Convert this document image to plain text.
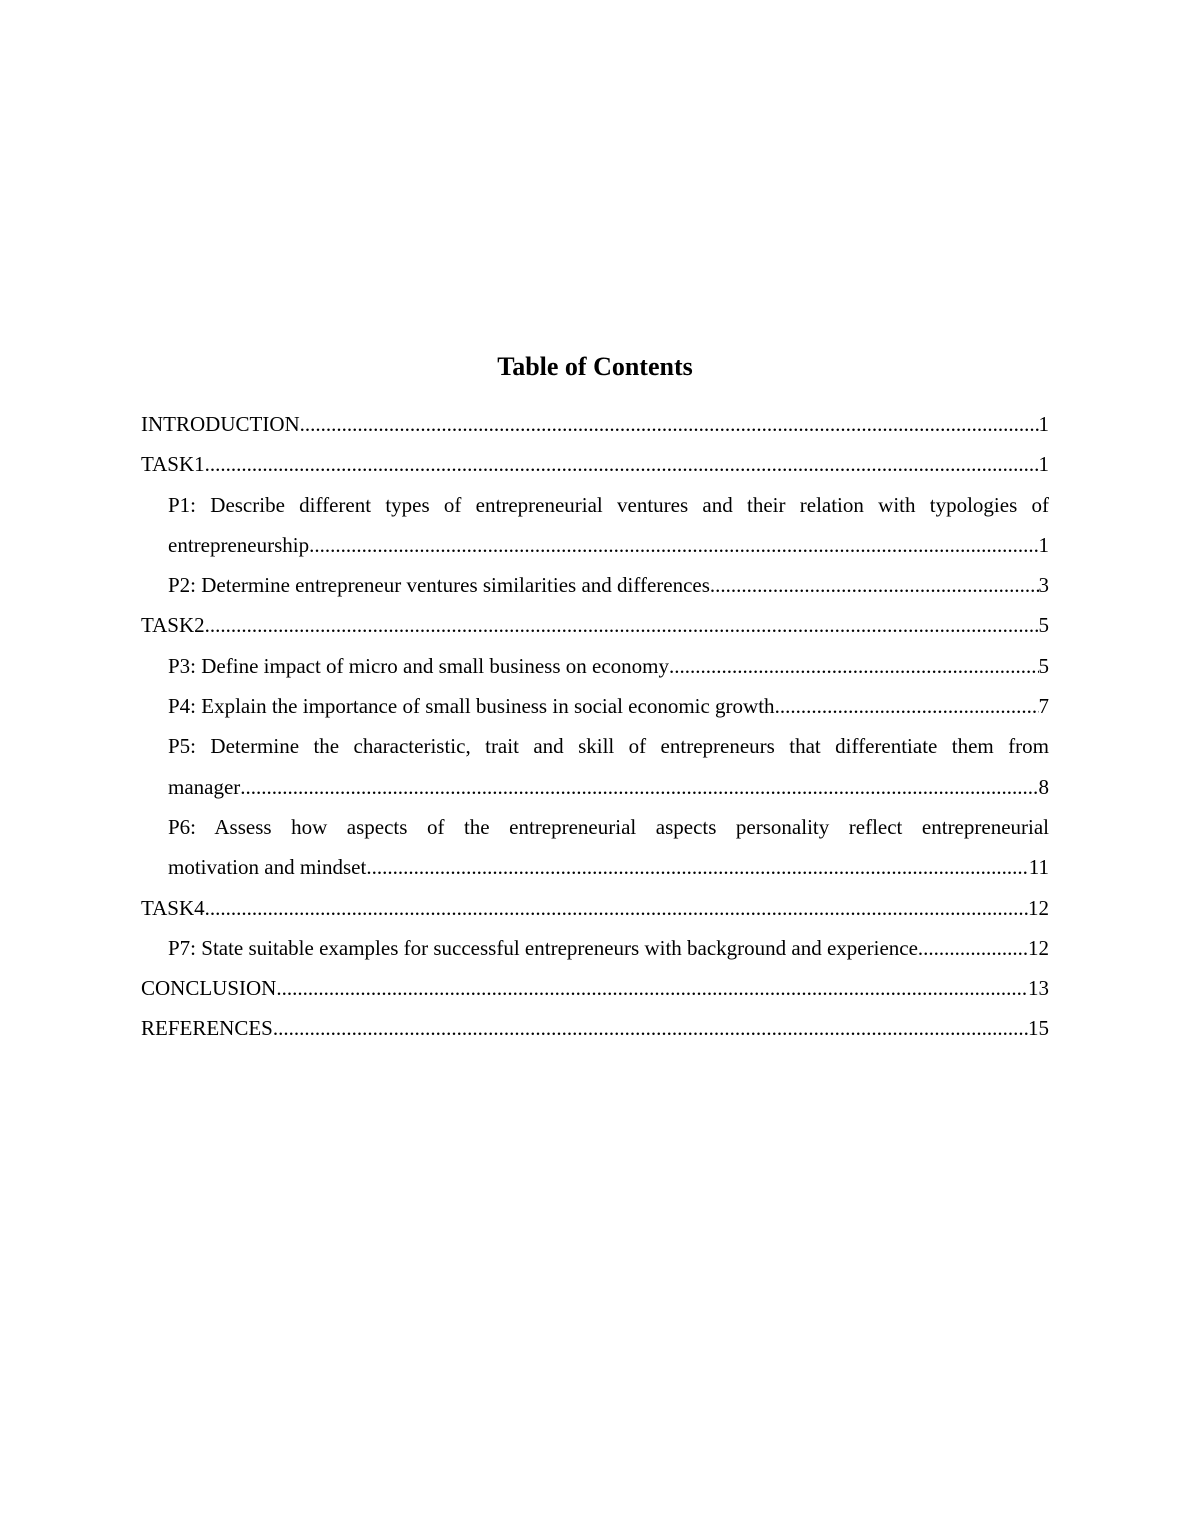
Table of Contents
INTRODUCTION .....	1
TASK1 .....	1
P1: Describe different types of entrepreneurial ventures and their relation with typologies of
entrepreneurship .....	1
P2: Determine entrepreneur ventures similarities and differences .....	3
TASK2 .....	5
P3: Define impact of micro and small business on economy .....	5
P4: Explain the importance of small business in social economic growth .....	7
P5: Determine the characteristic, trait and skill of entrepreneurs that differentiate them from
manager .....	8
P6: Assess how aspects of the entrepreneurial aspects personality reflect entrepreneurial
motivation and mindset .....	11
TASK4 .....	12
P7: State suitable examples for successful entrepreneurs with background and experience. .....	12
CONCLUSION .....	13
REFERENCES .....	15
